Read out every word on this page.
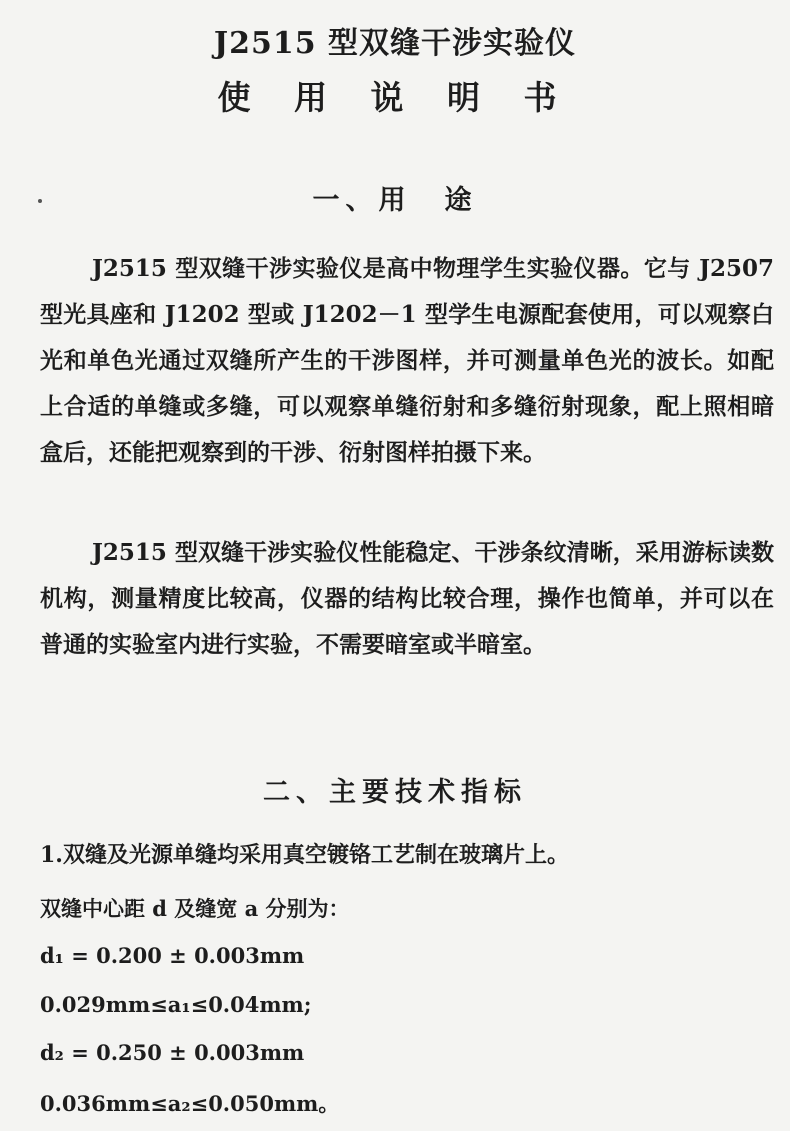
J2515 型双缝干涉实验仪
使 用 说 明 书
一、用　途
J2515 型双缝干涉实验仪是高中物理学生实验仪器。它与 J2507 型光具座和 J1202 型或 J1202－1 型学生电源配套使用，可以观察白光和单色光通过双缝所产生的干涉图样，并可测量单色光的波长。如配上合适的单缝或多缝，可以观察单缝衍射和多缝衍射现象，配上照相暗盒后，还能把观察到的干涉、衍射图样拍摄下来。
J2515 型双缝干涉实验仪性能稳定、干涉条纹清晰，采用游标读数机构，测量精度比较高，仪器的结构比较合理，操作也简单，并可以在普通的实验室内进行实验，不需要暗室或半暗室。
二、主要技术指标
1.双缝及光源单缝均采用真空镀铬工艺制在玻璃片上。
双缝中心距 d 及缝宽 a 分别为：
d₁ = 0.200 ± 0.003mm
0.029mm≤a₁≤0.04mm;
d₂ = 0.250 ± 0.003mm
0.036mm≤a₂≤0.050mm。
